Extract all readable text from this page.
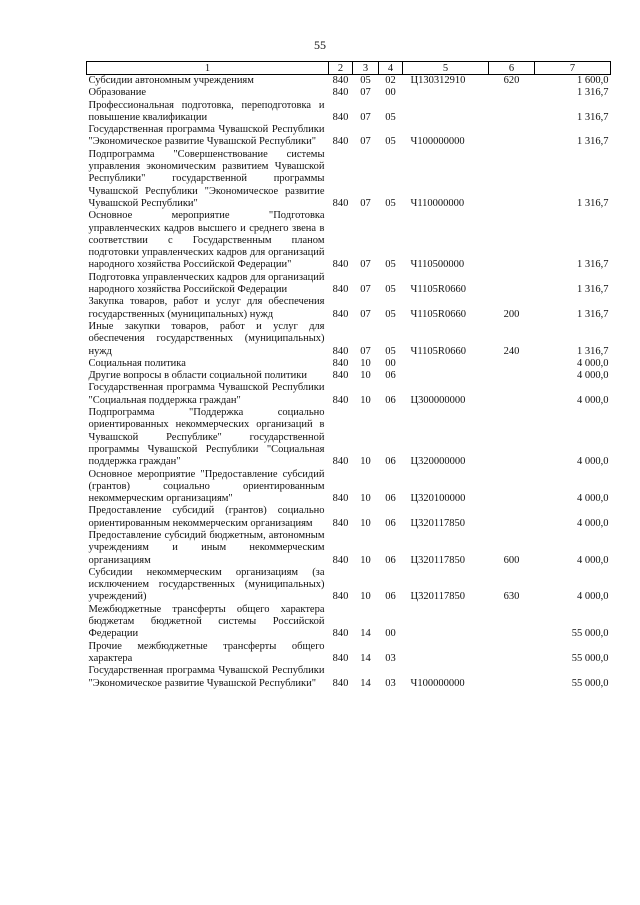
55
1	2	3	4	5	6	7
Субсидии автономным учреждениям	840	05	02	Ц130312910	620	1 600,0
Образование	840	07	00			1 316,7
Профессиональная подготовка, переподготовка и повышение квалификации	840	07	05			1 316,7
Государственная программа Чувашской Республики "Экономическое развитие Чувашской Республики"	840	07	05	Ч100000000		1 316,7
Подпрограмма "Совершенствование системы управления экономическим развитием Чувашской Республики" государственной программы Чувашской Республики "Экономическое развитие Чувашской Республики"	840	07	05	Ч110000000		1 316,7
Основное мероприятие "Подготовка управленческих кадров высшего и среднего звена в соответствии с Государственным планом подготовки управленческих кадров для организаций народного хозяйства Российской Федерации"	840	07	05	Ч110500000		1 316,7
Подготовка управленческих кадров для организаций народного хозяйства Российской Федерации	840	07	05	Ч1105R0660		1 316,7
Закупка товаров, работ и услуг для обеспечения государственных (муниципальных) нужд	840	07	05	Ч1105R0660	200	1 316,7
Иные закупки товаров, работ и услуг для обеспечения государственных (муниципальных) нужд	840	07	05	Ч1105R0660	240	1 316,7
Социальная политика	840	10	00			4 000,0
Другие вопросы в области социальной политики	840	10	06			4 000,0
Государственная программа Чувашской Республики "Социальная поддержка граждан"	840	10	06	Ц300000000		4 000,0
Подпрограмма "Поддержка социально ориентированных некоммерческих организаций в Чувашской Республике" государственной программы Чувашской Республики "Социальная поддержка граждан"	840	10	06	Ц320000000		4 000,0
Основное мероприятие "Предоставление субсидий (грантов) социально ориентированным некоммерческим организациям"	840	10	06	Ц320100000		4 000,0
Предоставление субсидий (грантов) социально ориентированным некоммерческим организациям	840	10	06	Ц320117850		4 000,0
Предоставление субсидий бюджетным, автономным учреждениям и иным некоммерческим организациям	840	10	06	Ц320117850	600	4 000,0
Субсидии некоммерческим организациям (за исключением государственных (муниципальных) учреждений)	840	10	06	Ц320117850	630	4 000,0
Межбюджетные трансферты общего характера бюджетам бюджетной системы Российской Федерации	840	14	00			55 000,0
Прочие межбюджетные трансферты общего характера	840	14	03			55 000,0
Государственная программа Чувашской Республики "Экономическое развитие Чувашской Республики"	840	14	03	Ч100000000		55 000,0
